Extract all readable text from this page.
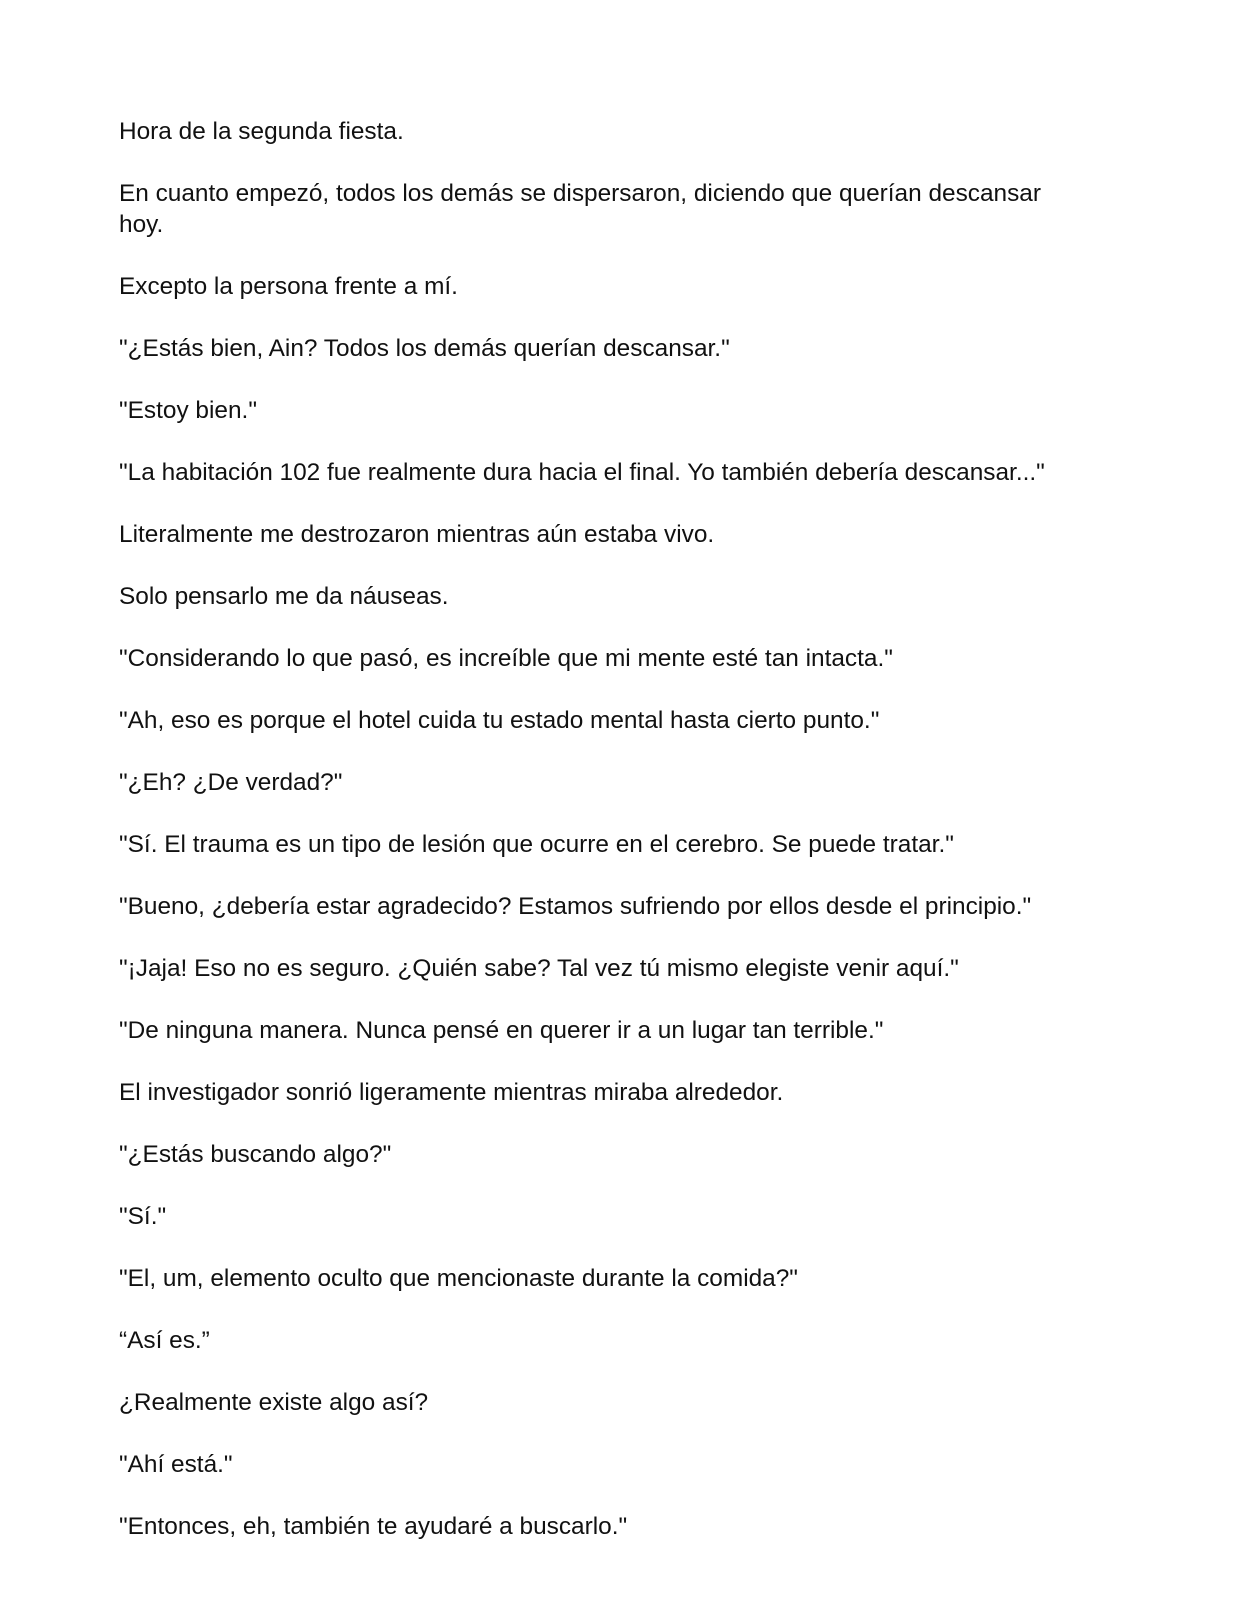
Hora de la segunda fiesta.

En cuanto empezó, todos los demás se dispersaron, diciendo que querían descansar hoy.

Excepto la persona frente a mí.

"¿Estás bien, Ain? Todos los demás querían descansar."

"Estoy bien."

"La habitación 102 fue realmente dura hacia el final. Yo también debería descansar..."

Literalmente me destrozaron mientras aún estaba vivo.

Solo pensarlo me da náuseas.

"Considerando lo que pasó, es increíble que mi mente esté tan intacta."

"Ah, eso es porque el hotel cuida tu estado mental hasta cierto punto."

"¿Eh? ¿De verdad?"

"Sí. El trauma es un tipo de lesión que ocurre en el cerebro. Se puede tratar."

"Bueno, ¿debería estar agradecido? Estamos sufriendo por ellos desde el principio."

"¡Jaja! Eso no es seguro. ¿Quién sabe? Tal vez tú mismo elegiste venir aquí."

"De ninguna manera. Nunca pensé en querer ir a un lugar tan terrible."

El investigador sonrió ligeramente mientras miraba alrededor.

"¿Estás buscando algo?"

"Sí."

"El, um, elemento oculto que mencionaste durante la comida?"

“Así es.”

¿Realmente existe algo así?

"Ahí está."

"Entonces, eh, también te ayudaré a buscarlo."
